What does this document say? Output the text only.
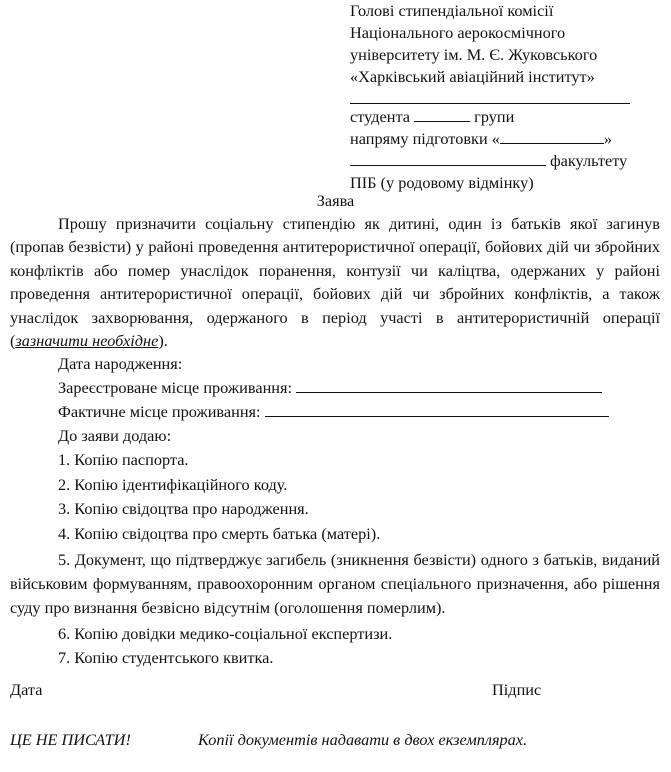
Голові стипендіальної комісії
Національного аерокосмічного
університету ім. М. Є. Жуковського
«Харківський авіаційний інститут»
студента	групи
напряму підготовки «	»
факультету
ПІБ (у родовому відмінку)
Заява
Прошу призначити соціальну стипендію як дитині, один із батьків якої загинув (пропав безвісти) у районі проведення антитерористичної операції, бойових дій чи збройних конфліктів або помер унаслідок поранення, контузії чи каліцтва, одержаних у районі проведення антитерористичної операції, бойових дій чи збройних конфліктів, а також унаслідок захворювання, одержаного в період участі в антитерористичній операції (зазначити необхідне).
Дата народження:
Зареєстроване місце проживання:
Фактичне місце проживання:
До заяви додаю:
1. Копію паспорта.
2. Копію ідентифікаційного коду.
3. Копію свідоцтва про народження.
4. Копію свідоцтва про смерть батька (матері).
5. Документ, що підтверджує загибель (зникнення безвісти) одного з батьків, виданий військовим формуванням, правоохоронним органом спеціального призначення, або рішення суду про визнання безвісно відсутнім (оголошення померлим).
6. Копію довідки медико-соціальної експертизи.
7. Копію студентського квитка.
Дата	Підпис
ЦЕ НЕ ПИСАТИ!	Копії документів надавати в двох екземплярах.
